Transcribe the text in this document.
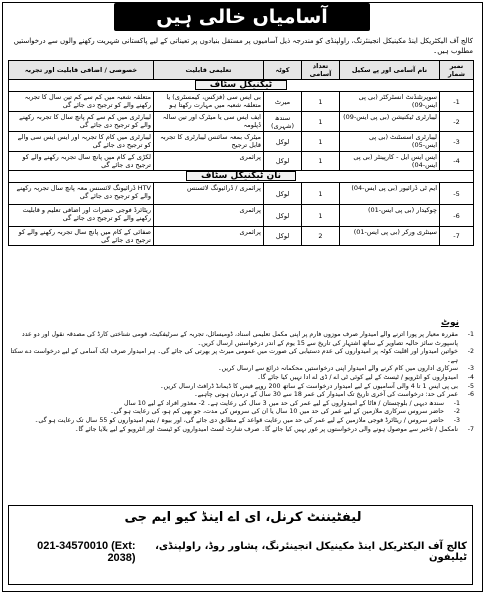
آسامیاں خالی ہیں
کالج آف الیکٹریکل اینڈ مکینیکل انجینئرنگ، راولپنڈی کو مندرجہ ذیل آسامیوں پر مستقل بنیادوں پر تعیناتی کے لیے پاکستانی شہریت رکھنے والوں سے درخواستیں مطلوب ہیں۔
نمبر شمار	نام آسامی اور پے سکیل	تعداد آسامی	کوٹہ	تعلیمی قابلیت	خصوصی / اضافی قابلیت اور تجربہ
ٹیکنیکل سٹاف					
1-	سوپرنٹنڈنٹ انسٹرکٹر (بی پی ایس-09)	1	میرٹ	بی ایس سی (فزکس، کیمسٹری) یا متعلقہ شعبہ میں مہارت رکھتا ہو	متعلقہ شعبہ میں کم سے کم تین سال کا تجربہ رکھنے والے کو ترجیح دی جائے گی
2-	لیبارٹری ٹیکنیشن (بی پی ایس-09)	1	سندھ (شہری)	ایف ایس سی یا میٹرک اور تین سالہ ڈپلومہ	لیبارٹری میں کم سے کم پانچ سال کا تجربہ رکھنے والے کو ترجیح دی جائے گی
3-	لیبارٹری اسسٹنٹ (بی پی ایس-05)	1	لوکل	میٹرک بمعہ سائنس لیبارٹری کا تجربہ قابل ترجیح	لیبارٹری میں کام کا تجربہ اور ایس ایس سی والے کو ترجیح دی جائے گی
4-	ایس ایس ایل - کارپینٹر (بی پی ایس-04)	1	لوکل	پرائمری	لکڑی کے کام میں پانچ سال تجربہ رکھنے والے کو ترجیح دی جائے گی
نان ٹیکنیکل سٹاف					
5-	ایم ٹی ڈرائیور (بی پی ایس-04)	1	لوکل	پرائمری / ڈرائیونگ لائسنس	HTV ڈرائیونگ لائسنس معہ پانچ سال تجربہ رکھنے والے کو ترجیح دی جائے گی
6-	چوکیدار (بی پی ایس-01)	1	لوکل	پرائمری	ریٹائرڈ فوجی حضرات اور اضافی تعلیم و قابلیت رکھنے والے کو ترجیح دی جائے گی
7-	سینٹری ورکر (بی پی ایس-01)	2	لوکل	پرائمری	صفائی کے کام میں پانچ سال تجربہ رکھنے والے کو ترجیح دی جائے گی
نوٹ
1-
مقررہ معیار پر پورا اترنے والے امیدوار صرف موزوں فارم پر اپنی مکمل تعلیمی اسناد، ڈومیسائل، تجربہ کے سرٹیفکیٹ، قومی شناختی کارڈ کی مصدقہ نقول اور دو عدد پاسپورٹ سائز حالیہ تصاویر کے ساتھ اشتہار کی تاریخ سے 15 یوم کے اندر درخواستیں ارسال کریں۔
2-
خواتین امیدوار اور اقلیت کوٹہ پر امیدواروں کی عدم دستیابی کی صورت میں عمومی میرٹ پر بھرتی کی جائے گی۔ ہر امیدوار صرف ایک آسامی کے لیے درخواست دے سکتا ہے۔
3-
سرکاری اداروں میں کام کرنے والے امیدوار اپنی درخواستیں محکمانہ ذرائع سے ارسال کریں۔
4-
امیدواروں کو انٹرویو / ٹیسٹ کے لیے کوئی ٹی اے / ڈی اے ادا نہیں کیا جائے گا۔
5-
بی پی ایس 1 تا 4 والی آسامیوں کے لیے امیدوار درخواست کے ساتھ 200 روپے فیس کا ڈیمانڈ ڈرافٹ ارسال کریں۔
6-
عمر کی حد: درخواست کی آخری تاریخ تک امیدوار کی عمر 18 سے 30 سال کے درمیان ہونی چاہیے۔
1-
سندھ دیہی / بلوچستان / فاٹا کے امیدواروں کے لیے عمر کی حد میں 3 سال کی رعایت ہے۔ 2- معذور افراد کے لیے 10 سال
2-
حاضر سروس سرکاری ملازمین کے لیے عمر کی حد میں 10 سال یا ان کی سروس کی مدت، جو بھی کم ہو، کی رعایت ہو گی۔
3-
حاضر سروس / ریٹائرڈ فوجی ملازمین کے لیے عمر کی حد میں رعایت قواعد کے مطابق دی جائے گی، اور بیوہ / یتیم امیدواروں کو 55 سال تک رعایت ہو گی۔
7-
نامکمل / تاخیر سے موصول ہونے والی درخواستوں پر غور نہیں کیا جائے گا۔ صرف شارٹ لسٹ امیدواروں کو ٹیسٹ اور انٹرویو کے لیے بلایا جائے گا۔
لیفٹیننٹ کرنل، ای اے اینڈ کیو ایم جی
کالج آف الیکٹریکل اینڈ مکینیکل انجینئرنگ، پشاور روڈ، راولپنڈی، ٹیلیفون
021-34570010 (Ext: 2038)
